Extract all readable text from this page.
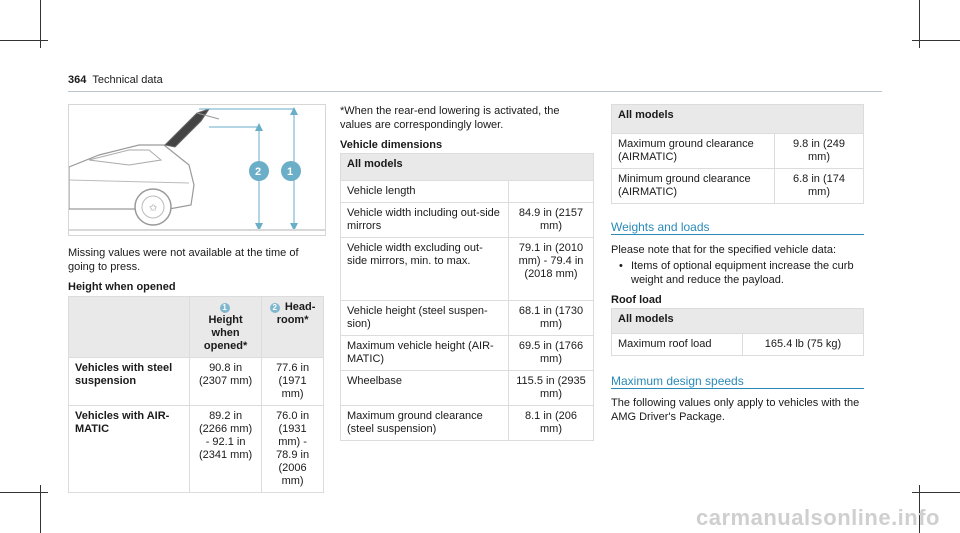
364 Technical data
✩
2 1
Missing values were not available at the time of going to press.
Height when opened
	1
Height when opened*	2 Head-room*
Vehicles with steel suspension	90.8 in (2307 mm)	77.6 in (1971 mm)
Vehicles with AIR-MATIC	89.2 in (2266 mm) - 92.1 in (2341 mm)	76.0 in (1931 mm) - 78.9 in (2006 mm)
*When the rear-end lowering is activated, the values are correspondingly lower.
Vehicle dimensions
All models	
Vehicle length	
Vehicle width including out-side mirrors	84.9 in (2157 mm)
Vehicle width excluding out-side mirrors, min. to max.	79.1 in (2010 mm) - 79.4 in (2018 mm)
Vehicle height (steel suspen-sion)	68.1 in (1730 mm)
Maximum vehicle height (AIR-MATIC)	69.5 in (1766 mm)
Wheelbase	115.5 in (2935 mm)
Maximum ground clearance (steel suspension)	8.1 in (206 mm)
All models	
Maximum ground clearance (AIRMATIC)	9.8 in (249 mm)
Minimum ground clearance (AIRMATIC)	6.8 in (174 mm)
Weights and loads
Please note that for the specified vehicle data:
• Items of optional equipment increase the curb weight and reduce the payload.
Roof load
All models
Maximum roof load	165.4 lb (75 kg)
Maximum design speeds
The following values only apply to vehicles with the AMG Driver's Package.
carmanualsonline.info
